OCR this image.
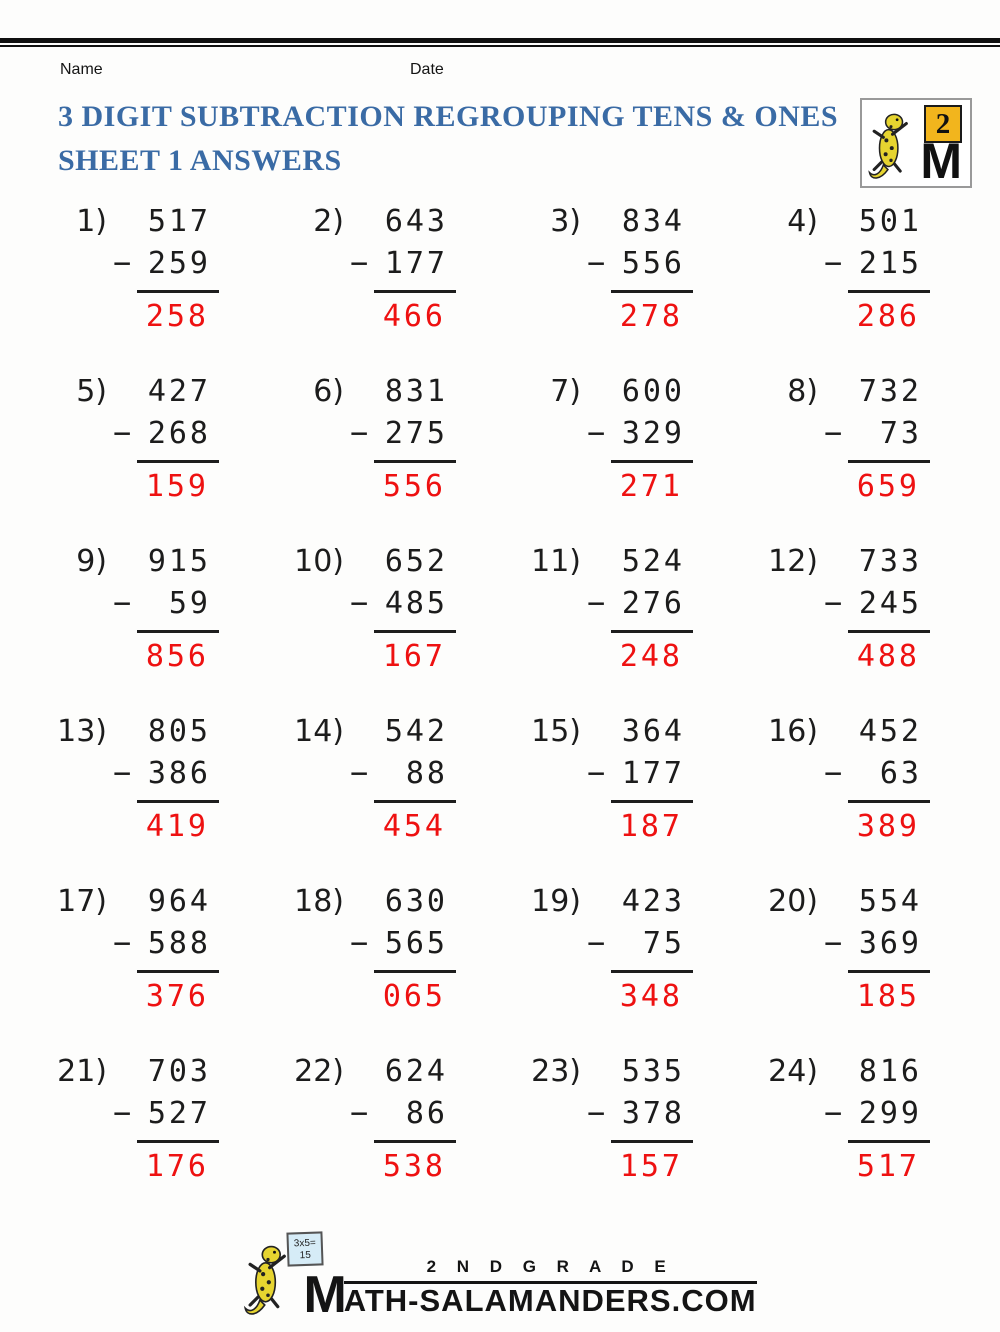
Name	Date
2
M
3 DIGIT SUBTRACTION REGROUPING TENS & ONES
SHEET 1 ANSWERS
1)	517
− 259
258
2)	643
− 177
466
3)	834
− 556
278
4)	501
− 215
286
5)	427
− 268
159
6)	831
− 275
556
7)	600
− 329
271
8)	732
−	73
659
9)	915
−	59
856
10)	652
− 485
167
11)	524
− 276
248
12)	733
− 245
488
13)	805
− 386
419
14)	542
−	88
454
15)	364
− 177
187
16)	452
−	63
389
17)	964
− 588
376
18)	630
− 565
065
19)	423
−	75
348
20)	554
− 369
185
21)	703
− 527
176
22)	624
−	86
538
23)	535
− 378
157
24)	816
− 299
517
3x5=
15
M	2 N D G R A D E
ATH-SALAMANDERS.COM
